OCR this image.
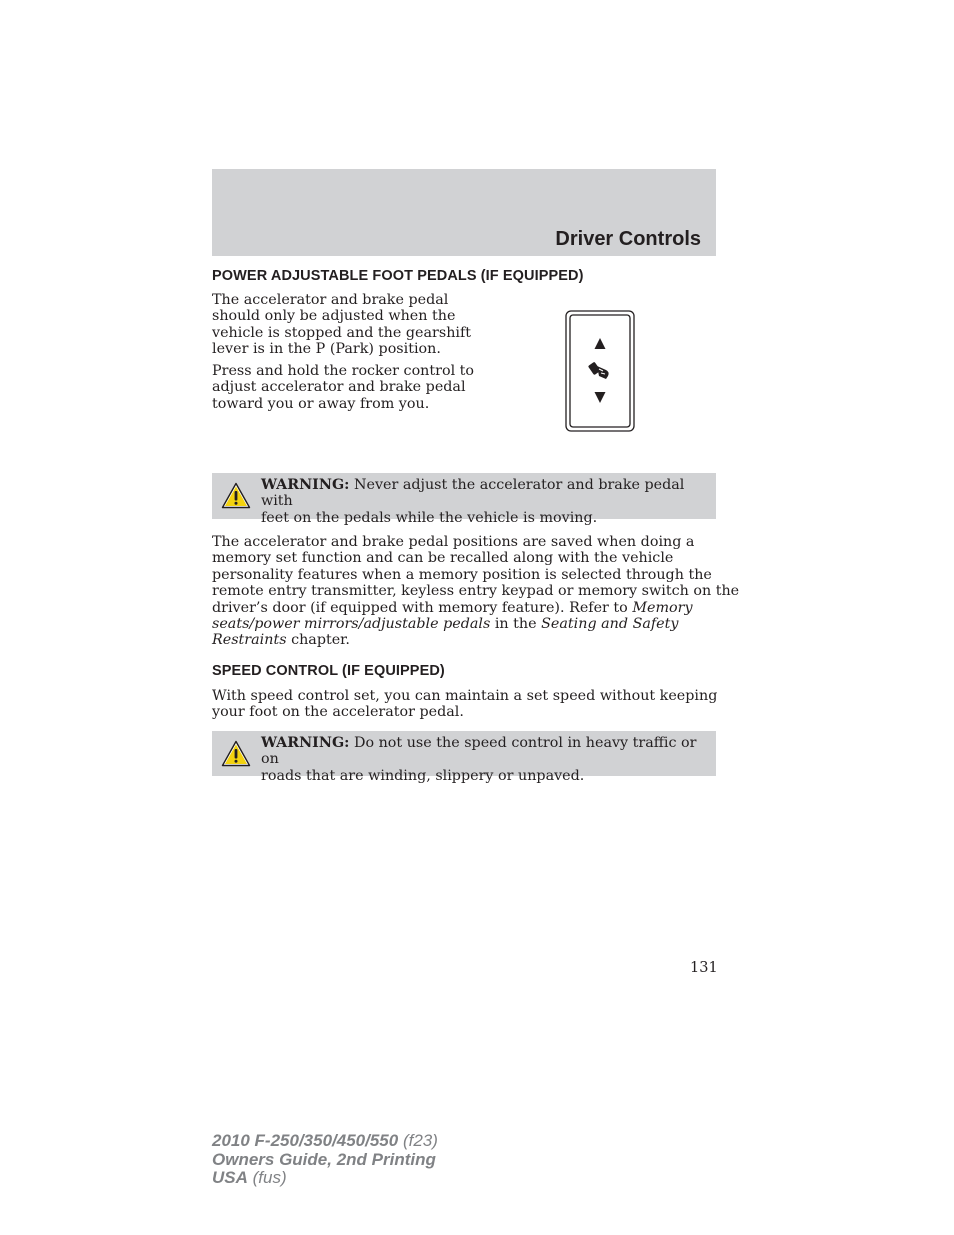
Driver Controls
POWER ADJUSTABLE FOOT PEDALS (IF EQUIPPED)

The accelerator and brake pedal
should only be adjusted when the
vehicle is stopped and the gearshift
lever is in the P (Park) position.

Press and hold the rocker control to
adjust accelerator and brake pedal
toward you or away from you.

WARNING: Never adjust the accelerator and brake pedal with
feet on the pedals while the vehicle is moving.

The accelerator and brake pedal positions are saved when doing a
memory set function and can be recalled along with the vehicle
personality features when a memory position is selected through the
remote entry transmitter, keyless entry keypad or memory switch on the
driver’s door (if equipped with memory feature). Refer to Memory
seats/power mirrors/adjustable pedals in the Seating and Safety
Restraints chapter.

SPEED CONTROL (IF EQUIPPED)

With speed control set, you can maintain a set speed without keeping
your foot on the accelerator pedal.

WARNING: Do not use the speed control in heavy traffic or on
roads that are winding, slippery or unpaved.

131
2010 F-250/350/450/550 (f23)
Owners Guide, 2nd Printing
USA (fus)
